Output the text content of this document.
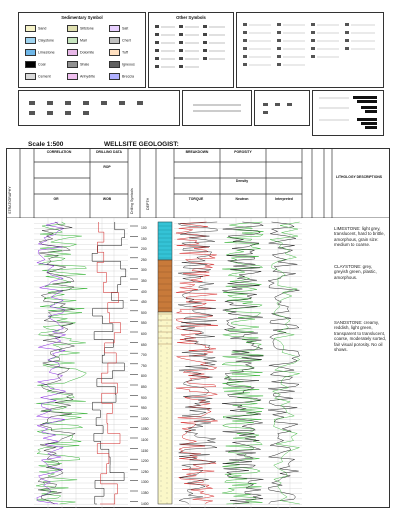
Sedimentary Symbol
Sand
Claystone
Limestone
Coal
Cement
Siltstone
Marl
Dolomite
Shale
Anhydrite
Salt
Chert
Tuff
Igneous
Breccia
Other Symbols
Scale 1:500	WELLSITE GEOLOGIST:
CORRELATION	DRILLING DATA	BREAKDOWN	POROSITY
GR	WOB
ROP
TORQUE
Density
Neutron	Interpreted
LITHOLOGY DESCRIPTIONS
STRATIGRAPHY	Drilling Symbols	DEPTH
100
150
200
250
300
350
400
450
500
550
600
650
700
750
800
850
900
950
1000
1050
1100
1150
1200
1250
1300
1350
1400
LIMESTONE: light grey, translucent, hard to brittle, amorphous, grain size: medium to coarse.
CLAYSTONE: grey, greyish green, plastic, amorphous.
SANDSTONE: creamy, reddish, light green, transparent to translucent, coarse, moderately sorted, fair visual porosity. No oil shows.
